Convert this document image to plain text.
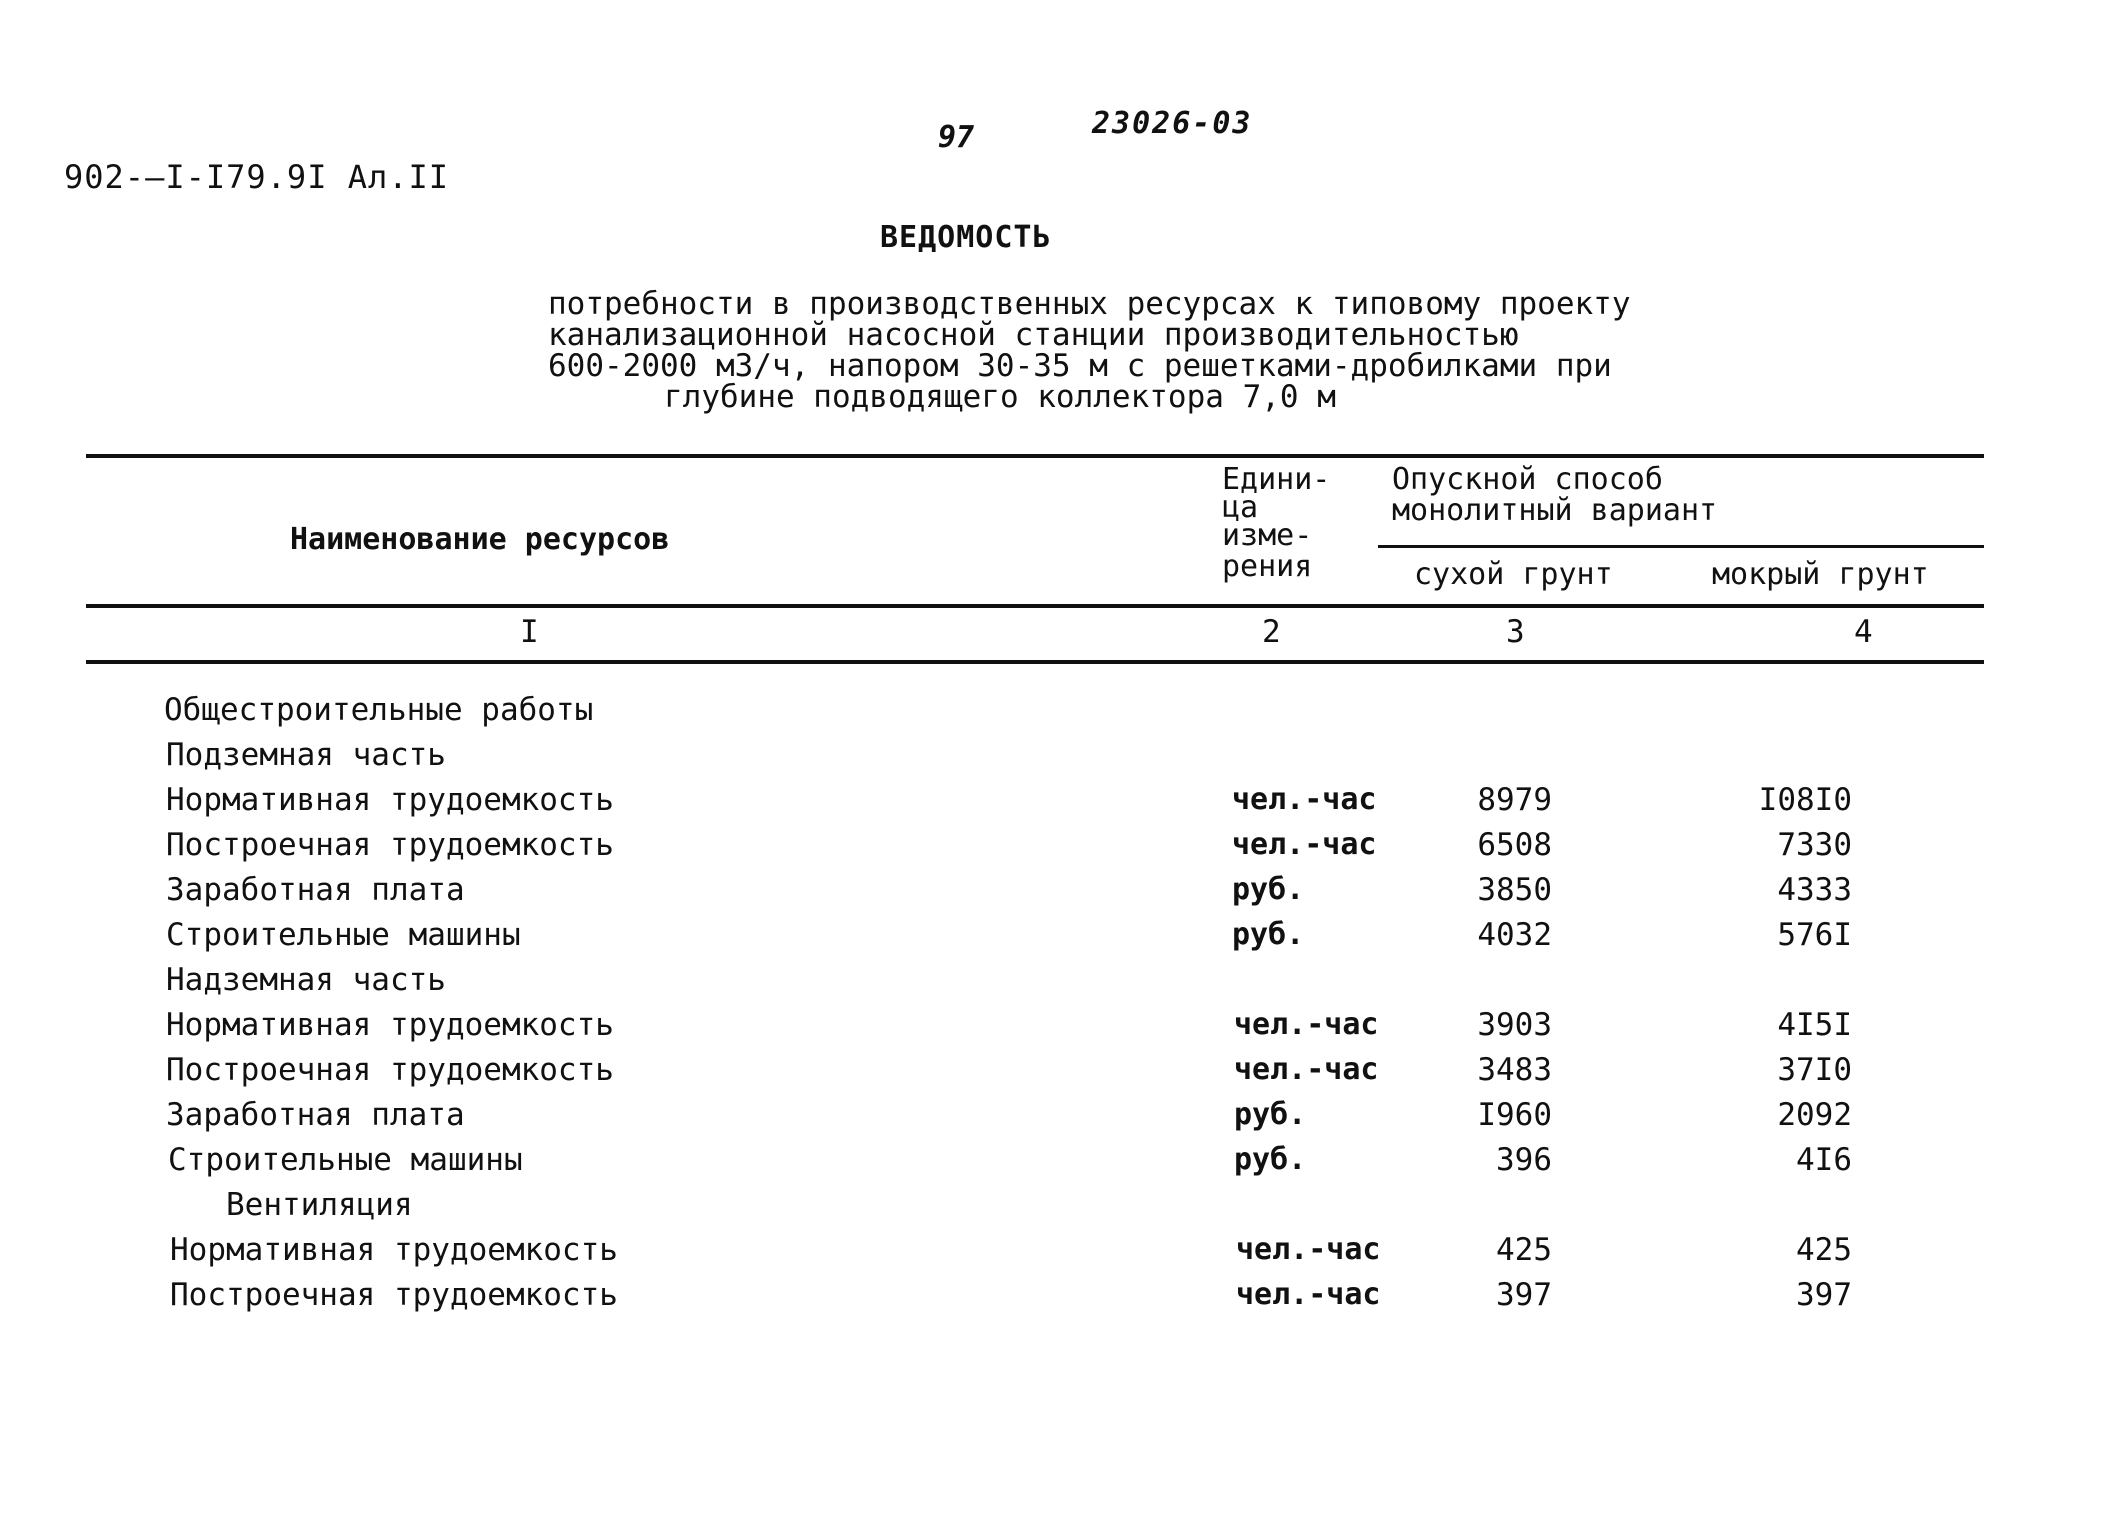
902-–I-I79.9I Ал.II
97	23026-03
ВЕДОМОСТЬ
потребности в производственных ресурсах к типовому проекту
канализационной насосной станции производительностью
600-2000 м3/ч, напором 30-35 м с решетками-дробилками при
глубине подводящего коллектора 7,0 м
Наименование ресурсов
Едини-
ца
изме-
рения
Опускной способ
монолитный вариант
сухой грунт	мокрый грунт
I	2	3	4
Общестроительные работы
Подземная часть
Нормативная трудоемкость	чел.-час	8979	I08I0
Построечная трудоемкость	чел.-час	6508	7330
Заработная плата	руб.	3850	4333
Строительные машины	руб.	4032	576I
Надземная часть
Нормативная трудоемкость	чел.-час	3903	4I5I
Построечная трудоемкость	чел.-час	3483	37I0
Заработная плата	руб.	I960	2092
Строительные машины	руб.	396	4I6
Вентиляция
Нормативная трудоемкость	чел.-час	425	425
Построечная трудоемкость	чел.-час	397	397
